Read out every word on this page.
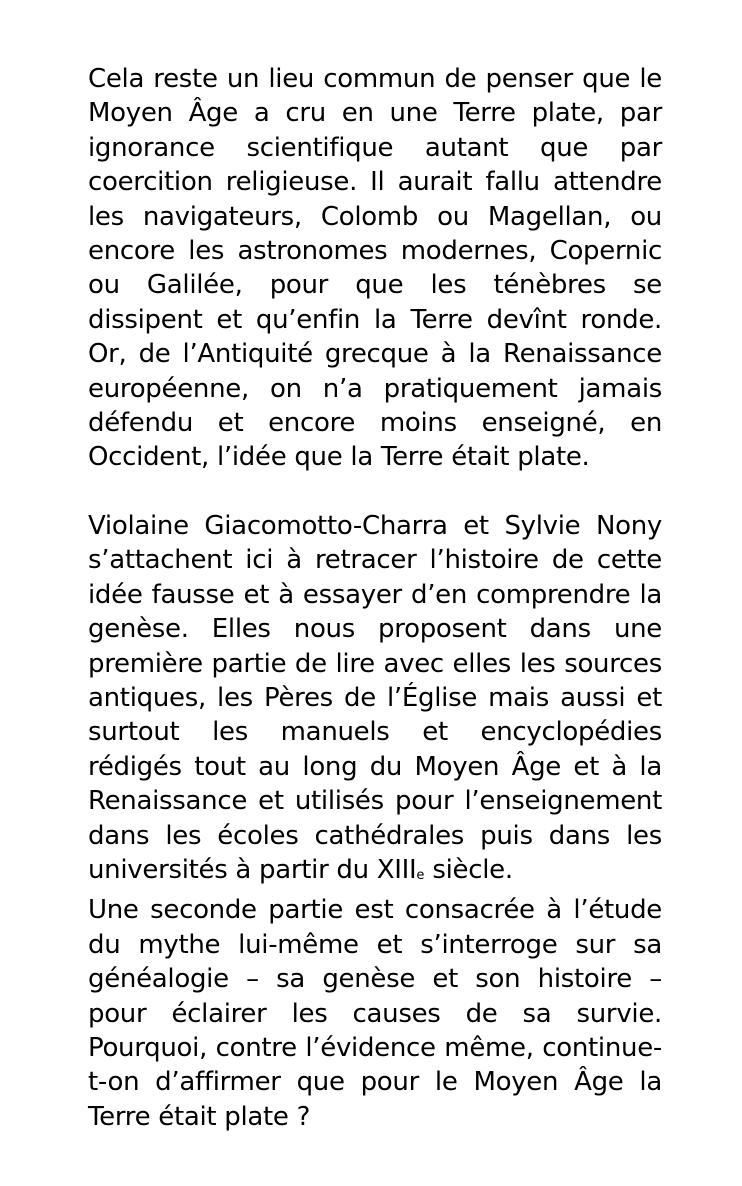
Cela reste un lieu commun de penser que le Moyen Âge a cru en une Terre plate, par ignorance scientifique autant que par coercition religieuse. Il aurait fallu attendre les navigateurs, Colomb ou Magellan, ou encore les astronomes modernes, Copernic ou Galilée, pour que les ténèbres se dissipent et qu’enfin la Terre devînt ronde. Or, de l’Antiquité grecque à la Renaissance européenne, on n’a pratiquement jamais défendu et encore moins enseigné, en Occident, l’idée que la Terre était plate.

Violaine Giacomotto-Charra et Sylvie Nony s’attachent ici à retracer l’histoire de cette idée fausse et à essayer d’en comprendre la genèse. Elles nous proposent dans une première partie de lire avec elles les sources antiques, les Pères de l’Église mais aussi et surtout les manuels et encyclopédies rédigés tout au long du Moyen Âge et à la Renaissance et utilisés pour l’enseignement dans les écoles cathédrales puis dans les universités à partir du XIIIe siècle.

Une seconde partie est consacrée à l’étude du mythe lui-même et s’interroge sur sa généalogie – sa genèse et son histoire – pour éclairer les causes de sa survie. Pourquoi, contre l’évidence même, continue-t-on d’affirmer que pour le Moyen Âge la Terre était plate ?
